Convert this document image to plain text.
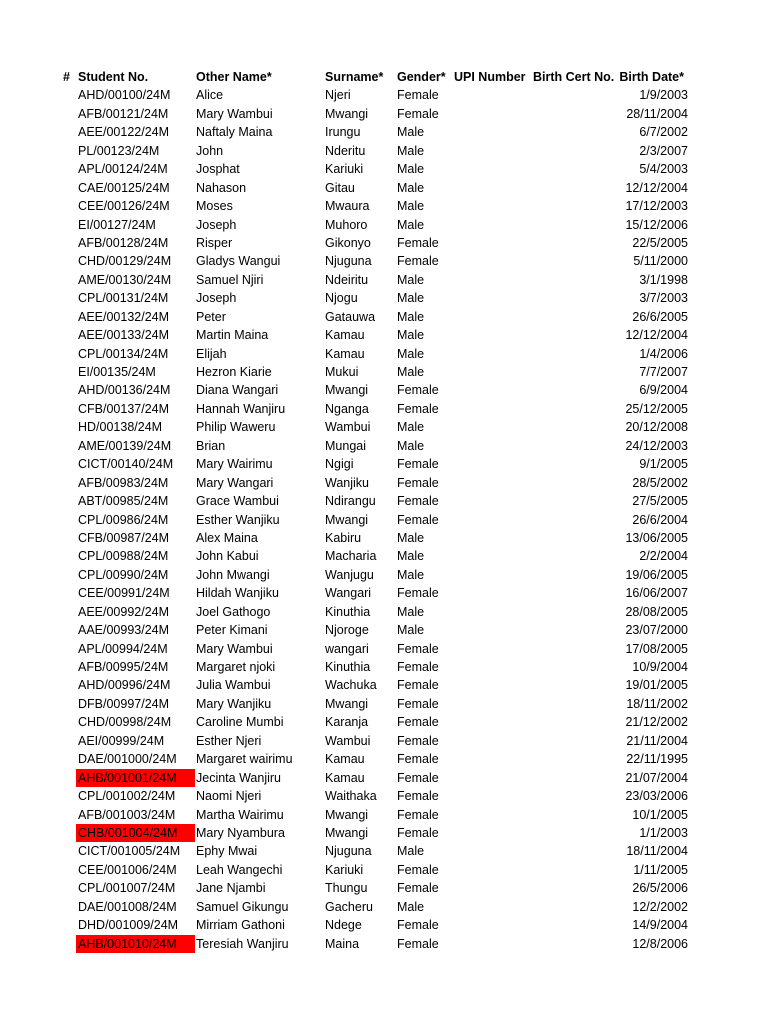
# Student No.	Other Name*	Surname* Gender* UPI Number Birth Cert No. Birth Date*
AHD/00100/24M	Alice	Njeri	Female	1/9/2003
AFB/00121/24M	Mary Wambui	Mwangi Female	28/11/2004
AEE/00122/24M	Naftaly Maina	Irungu	Male	6/7/2002
PL/00123/24M	John	Nderitu	Male	2/3/2007
APL/00124/24M	Josphat	Kariuki	Male	5/4/2003
CAE/00125/24M	Nahason	Gitau	Male	12/12/2004
CEE/00126/24M	Moses	Mwaura Male	17/12/2003
EI/00127/24M	Joseph	Muhoro Male	15/12/2006
AFB/00128/24M	Risper	Gikonyo Female	22/5/2005
CHD/00129/24M	Gladys Wangui	Njuguna Female	5/11/2000
AME/00130/24M	Samuel Njiri	Ndeiritu Male	3/1/1998
CPL/00131/24M	Joseph	Njogu	Male	3/7/2003
AEE/00132/24M	Peter	Gatauwa Male	26/6/2005
AEE/00133/24M	Martin Maina	Kamau	Male	12/12/2004
CPL/00134/24M	Elijah	Kamau	Male	1/4/2006
EI/00135/24M	Hezron Kiarie	Mukui	Male	7/7/2007
AHD/00136/24M	Diana Wangari	Mwangi Female	6/9/2004
CFB/00137/24M	Hannah Wanjiru	Nganga Female	25/12/2005
HD/00138/24M	Philip Waweru	Wambui Male	20/12/2008
AME/00139/24M	Brian	Mungai Male	24/12/2003
CICT/00140/24M	Mary Wairimu	Ngigi	Female	9/1/2005
AFB/00983/24M	Mary Wangari	Wanjiku Female	28/5/2002
ABT/00985/24M	Grace Wambui	Ndirangu Female	27/5/2005
CPL/00986/24M	Esther Wanjiku	Mwangi Female	26/6/2004
CFB/00987/24M	Alex Maina	Kabiru	Male	13/06/2005
CPL/00988/24M	John Kabui	Macharia Male	2/2/2004
CPL/00990/24M	John Mwangi	Wanjugu Male	19/06/2005
CEE/00991/24M	Hildah Wanjiku	Wangari Female	16/06/2007
AEE/00992/24M	Joel Gathogo	Kinuthia Male	28/08/2005
AAE/00993/24M	Peter Kimani	Njoroge Male	23/07/2000
APL/00994/24M	Mary Wambui	wangari Female	17/08/2005
AFB/00995/24M	Margaret njoki	Kinuthia Female	10/9/2004
AHD/00996/24M	Julia Wambui	Wachuka Female	19/01/2005
DFB/00997/24M	Mary Wanjiku	Mwangi Female	18/11/2002
CHD/00998/24M	Caroline Mumbi	Karanja Female	21/12/2002
AEI/00999/24M	Esther Njeri	Wambui Female	21/11/2004
DAE/001000/24M	Margaret wairimu	Kamau	Female	22/11/1995
AHB/001001/24M	Jecinta Wanjiru	Kamau	Female	21/07/2004
CPL/001002/24M	Naomi Njeri	Waithaka Female	23/03/2006
AFB/001003/24M	Martha Wairimu	Mwangi Female	10/1/2005
CHB/001004/24M	Mary Nyambura	Mwangi Female	1/1/2003
CICT/001005/24M	Ephy Mwai	Njuguna Male	18/11/2004
CEE/001006/24M	Leah Wangechi	Kariuki	Female	1/11/2005
CPL/001007/24M	Jane Njambi	Thungu Female	26/5/2006
DAE/001008/24M	Samuel Gikungu	Gacheru Male	12/2/2002
DHD/001009/24M	Mirriam Gathoni	Ndege	Female	14/9/2004
AHB/001010/24M	Teresiah Wanjiru	Maina	Female	12/8/2006
